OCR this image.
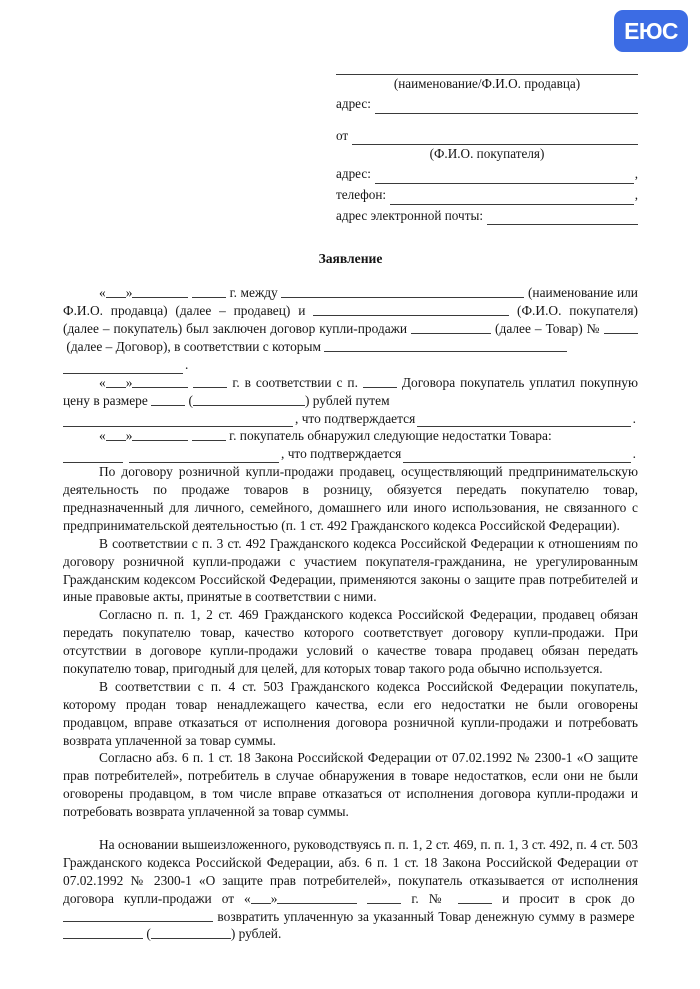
ЕЮС
(наименование/Ф.И.О. продавца)
адрес:
от
(Ф.И.О. покупателя)
адрес:	,
телефон:	,
адрес электронной почты:
Заявление

« »	г. между	(наименование или Ф.И.О. продавца) (далее – продавец) и	(Ф.И.О. покупателя) (далее – покупатель) был заключен договор купли-продажи	(далее – Товар) №  (далее – Договор), в соответствии с которым

.

« »	г. в соответствии с п.	Договора покупатель уплатил покупную цену в размере	(	) рублей путем

, что подтверждается	.

« »	г. покупатель обнаружил следующие недостатки Товара:

, что подтверждается	.

По договору розничной купли-продажи продавец, осуществляющий предпринимательскую деятельность по продаже товаров в розницу, обязуется передать покупателю товар, предназначенный для личного, семейного, домашнего или иного использования, не связанного с предпринимательской деятельностью (п. 1 ст. 492 Гражданского кодекса Российской Федерации).

В соответствии с п. 3 ст. 492 Гражданского кодекса Российской Федерации к отношениям по договору розничной купли-продажи с участием покупателя-гражданина, не урегулированным Гражданским кодексом Российской Федерации, применяются законы о защите прав потребителей и иные правовые акты, принятые в соответствии с ними.

Согласно п. п. 1, 2 ст. 469 Гражданского кодекса Российской Федерации, продавец обязан передать покупателю товар, качество которого соответствует договору купли-продажи. При отсутствии в договоре купли-продажи условий о качестве товара продавец обязан передать покупателю товар, пригодный для целей, для которых товар такого рода обычно используется.

В соответствии с п. 4 ст. 503 Гражданского кодекса Российской Федерации покупатель, которому продан товар ненадлежащего качества, если его недостатки не были оговорены продавцом, вправе отказаться от исполнения договора розничной купли-продажи и потребовать возврата уплаченной за товар суммы.

Согласно абз. 6 п. 1 ст. 18 Закона Российской Федерации от 07.02.1992 № 2300-1 «О защите прав потребителей», потребитель в случае обнаружения в товаре недостатков, если они не были оговорены продавцом, в том числе вправе отказаться от исполнения договора купли-продажи и потребовать возврата уплаченной за товар суммы.

На основании вышеизложенного, руководствуясь п. п. 1, 2 ст. 469, п. п. 1, 3 ст. 492, п. 4 ст. 503 Гражданского кодекса Российской Федерации, абз. 6 п. 1 ст. 18 Закона Российской Федерации от 07.02.1992 № 2300-1 «О защите прав потребителей», покупатель отказывается от исполнения договора купли-продажи от « »	г. №	и просит в срок до  возвратить уплаченную за указанный Товар денежную сумму в размере  (	) рублей.
